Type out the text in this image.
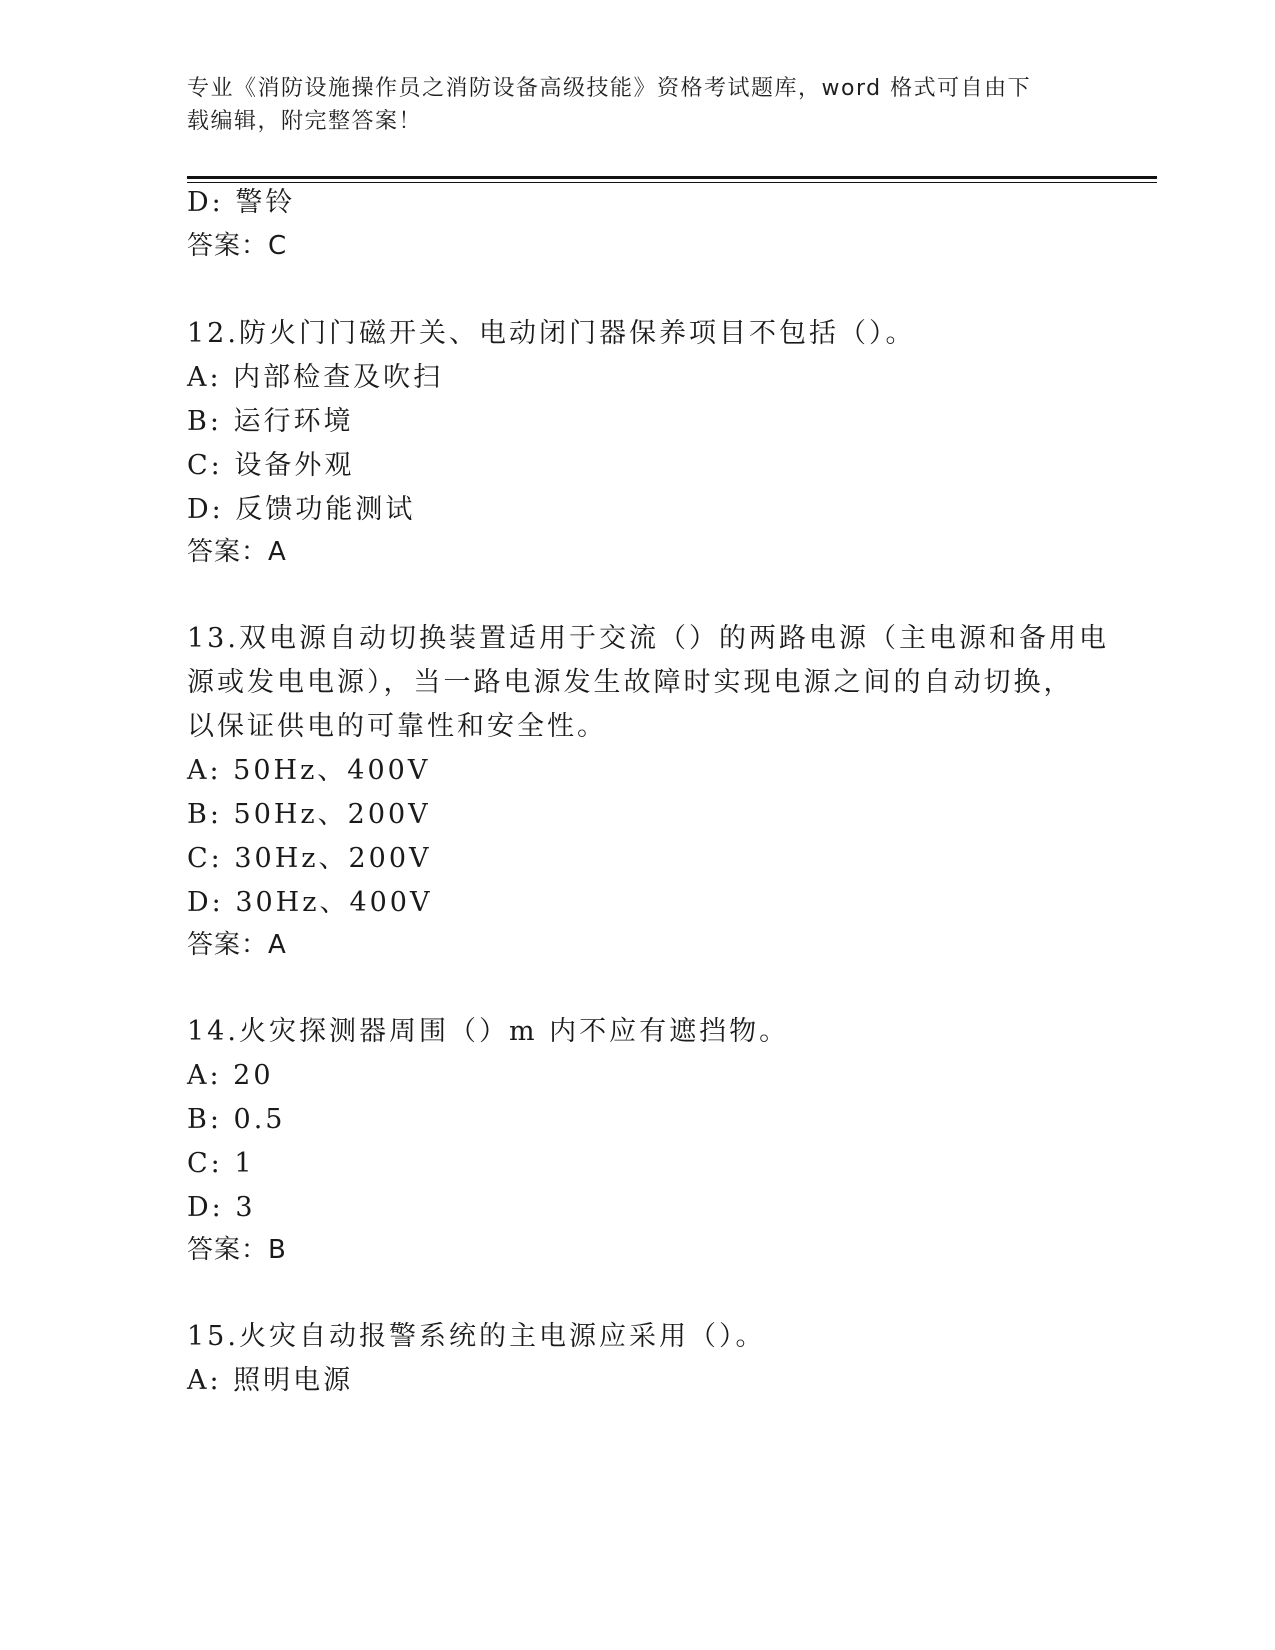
专业《消防设施操作员之消防设备高级技能》资格考试题库，word 格式可自由下
载编辑，附完整答案！
D: 警铃
答案：C
12.防火门门磁开关、电动闭门器保养项目不包括（）。
A: 内部检查及吹扫
B: 运行环境
C: 设备外观
D: 反馈功能测试
答案：A
13.双电源自动切换装置适用于交流（）的两路电源（主电源和备用电
源或发电电源），当一路电源发生故障时实现电源之间的自动切换，
以保证供电的可靠性和安全性。
A: 50Hz、400V
B: 50Hz、200V
C: 30Hz、200V
D: 30Hz、400V
答案：A
14.火灾探测器周围（）m 内不应有遮挡物。
A: 20
B: 0.5
C: 1
D: 3
答案：B
15.火灾自动报警系统的主电源应采用（）。
A: 照明电源
